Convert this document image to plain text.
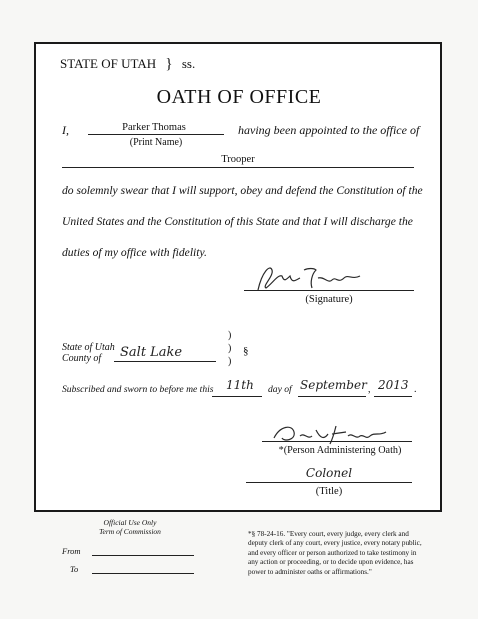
STATE OF UTAH } ss.
OATH OF OFFICE
I,	Parker Thomas
(Print Name)
having been appointed to the office of
Trooper
do solemnly swear that I will support, obey and defend the Constitution of the
United States and the Constitution of this State and that I will discharge the
duties of my office with fidelity.
(Signature)
State of Utah
County of Salt Lake
)
)
)
§
Subscribed and sworn to before me this 11th day of September , 2013 .
*(Person Administering Oath)
Colonel
(Title)
Official Use Only
Term of Commission
From
To
*§ 78-24-16. "Every court, every judge, every clerk and
deputy clerk of any court, every justice, every notary public,
and every officer or person authorized to take testimony in
any action or proceeding, or to decide upon evidence, has
power to administer oaths or affirmations."
